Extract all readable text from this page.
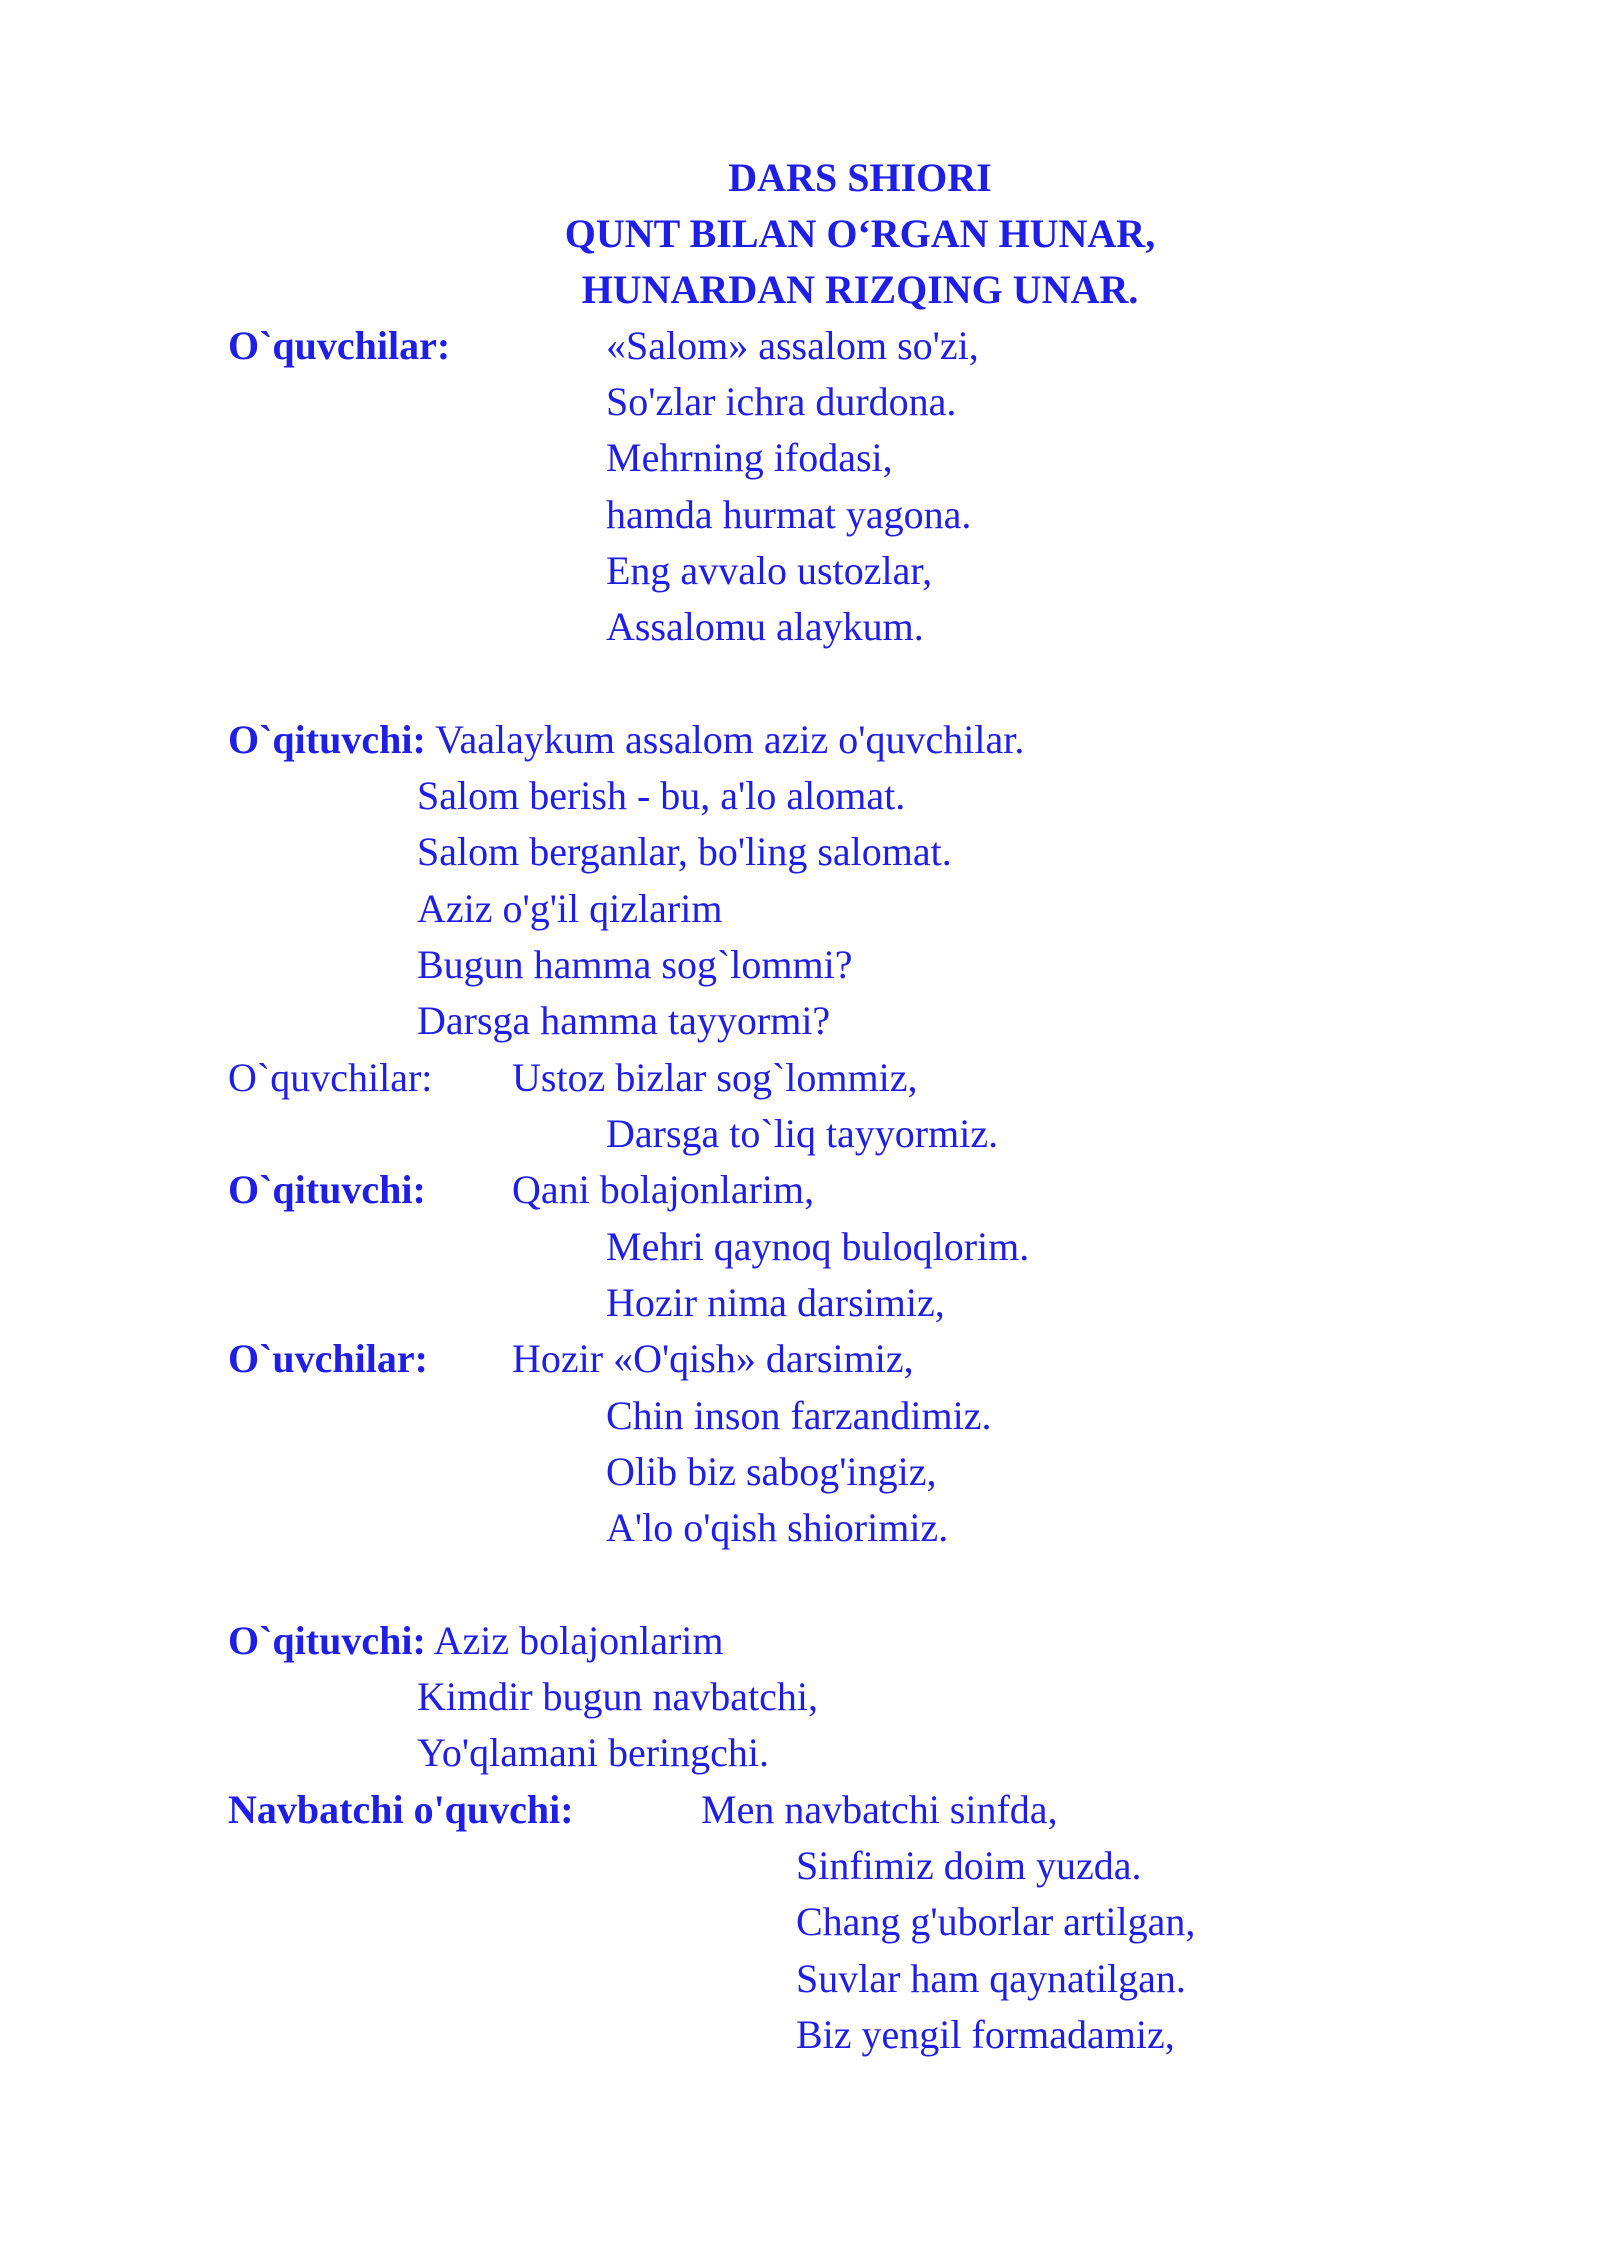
DARS SHIORI
QUNT BILAN O‘RGAN HUNAR,
HUNARDAN RIZQING UNAR.
O`quvchilar:	«Salom» assalom so'zi,
So'zlar ichra durdona.
Mehrning ifodasi,
hamda hurmat yagona.
Eng avvalo ustozlar,
Assalomu alaykum.
O`qituvchi: Vaalaykum assalom aziz o'quvchilar.
Salom berish - bu, a'lo alomat.
Salom berganlar, bo'ling salomat.
Aziz o'g'il qizlarim
Bugun hamma sog`lommi?
Darsga hamma tayyormi?
O`quvchilar: Ustoz bizlar sog`lommiz,
Darsga to`liq tayyormiz.
O`qituvchi: Qani bolajonlarim,
Mehri qaynoq buloqlorim.
Hozir nima darsimiz,
O`uvchilar: Hozir «O'qish» darsimiz,
Chin inson farzandimiz.
Olib biz sabog'ingiz,
A'lo o'qish shiorimiz.
O`qituvchi: Aziz bolajonlarim
Kimdir bugun navbatchi,
Yo'qlamani beringchi.
Navbatchi o'quvchi:	Men navbatchi sinfda,
Sinfimiz doim yuzda.
Chang g'uborlar artilgan,
Suvlar ham qaynatilgan.
Biz yengil formadamiz,
